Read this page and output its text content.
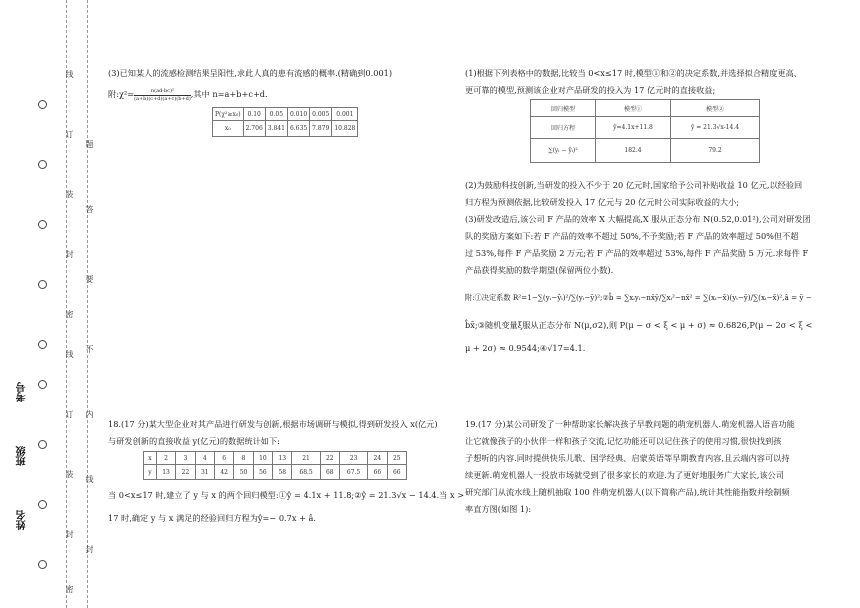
线
订
装
封
密
线
订
装
封
密
题
答
要
不
内
线
封
考号
班级
姓名
(3)已知某人的流感检测结果呈阳性,求此人真的患有流感的概率.(精确到0.001)
附:χ²= $\frac{\text{n(ad-bc)²}}{(a+b)(c+d)(a+c)(b+d)}$ ,其中 n=a+b+c+d.
P(χ²≥x₀)	0.10	0.05	0.010	0.005	0.001
x₀	2.706	3.841	6.635	7.879	10.828
18.(17 分)某大型企业对其产品进行研发与创新,根据市场调研与模拟,得到研发投入 x(亿元)
与研发创新的直接收益 y(亿元)的数据统计如下:
x	2	3	4	6	8	10	13	21	22	23	24	25
y	13	22	31	42	50	56	58	68.5	68	67.5	66	66
当 0<x≤17 时,建立了 y 与 x 的两个回归模型:①ŷ = 4.1x + 11.8;②ŷ = 21.3√x − 14.4.当 x >
17 时,确定 y 与 x 满足的经验回归方程为ŷ=− 0.7x + â.
(1)根据下列表格中的数据,比较当 0<x≤17 时,模型①和②的决定系数,并选择拟合精度更高、
更可靠的模型,预测该企业对产品研发的投入为 17 亿元时的直接收益;
回归模型	模型①	模型②
回归方程	ŷ=4.1x+11.8	ŷ = 21.3√x-14.4
∑(yᵢ − ŷᵢ)²	182.4	79.2
(2)为鼓励科技创新,当研发的投入不少于 20 亿元时,国家给予公司补贴收益 10 亿元,以经验回
归方程为预测依据,比较研发投入 17 亿元与 20 亿元时公司实际收益的大小;
(3)研发改造后,该公司 F 产品的效率 X 大幅提高,X 服从正态分布 N(0.52,0.01²),公司对研发团
队的奖励方案如下:若 F 产品的效率不超过 50%,不予奖励;若 F 产品的效率超过 50%但不超
过 53%,每件 F 产品奖励 2 万元;若 F 产品的效率超过 53%,每件 F 产品奖励 5 万元.求每件 F
产品获得奖励的数学期望(保留两位小数).
附:①决定系数 R²=1−∑(yᵢ−ŷᵢ)²/∑(yᵢ−ȳ)²;②b̂ = ∑xᵢyᵢ−nx̄ȳ/∑xᵢ²−nx̄² = ∑(xᵢ−x̄)(yᵢ−ȳ)/∑(xᵢ−x̄)²,â = ȳ −
b̂x̄;③随机变量ξ服从正态分布 N(μ,σ2),则 P(μ − σ < ξ < μ + σ) ≈ 0.6826,P(μ − 2σ < ξ <
μ + 2σ) ≈ 0.9544;④√17=4.1.
19.(17 分)某公司研发了一种帮助家长解决孩子早教问题的萌宠机器人.萌宠机器人语音功能
让它就像孩子的小伙伴一样和孩子交流,记忆功能还可以记住孩子的使用习惯,很快找到孩
子想听的内容.同时提供快乐儿歌、国学经典、启蒙英语等早期教育内容,且云端内容可以持
续更新.萌宠机器人一投放市场就受到了很多家长的欢迎.为了更好地服务广大家长,该公司
研究部门从流水线上随机抽取 100 件萌宠机器人(以下简称产品),统计其性能指数并绘制频
率直方图(如图 1):
